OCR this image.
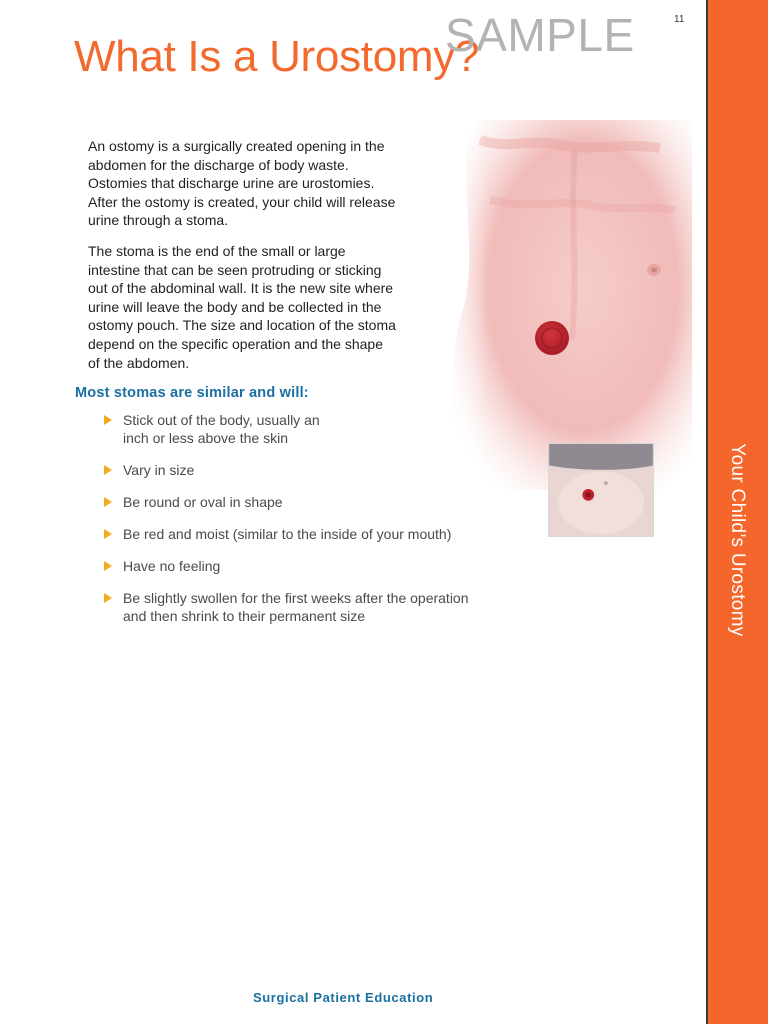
11
What Is a Urostomy?
SAMPLE
Your Child’s Urostomy

An ostomy is a surgically created opening in the abdomen for the discharge of body waste. Ostomies that discharge urine are urostomies. After the ostomy is created, your child will release urine through a stoma.

The stoma is the end of the small or large intestine that can be seen protruding or sticking out of the abdominal wall. It is the new site where urine will leave the body and be collected in the ostomy pouch. The size and location of the stoma depend on the specific operation and the shape of the abdomen.

Most stomas are similar and will:
Stick out of the body, usually an inch or less above the skin
Vary in size
Be round or oval in shape
Be red and moist (similar to the inside of your mouth)
Have no feeling
Be slightly swollen for the first weeks after the operation and then shrink to their permanent size
Surgical Patient Education
